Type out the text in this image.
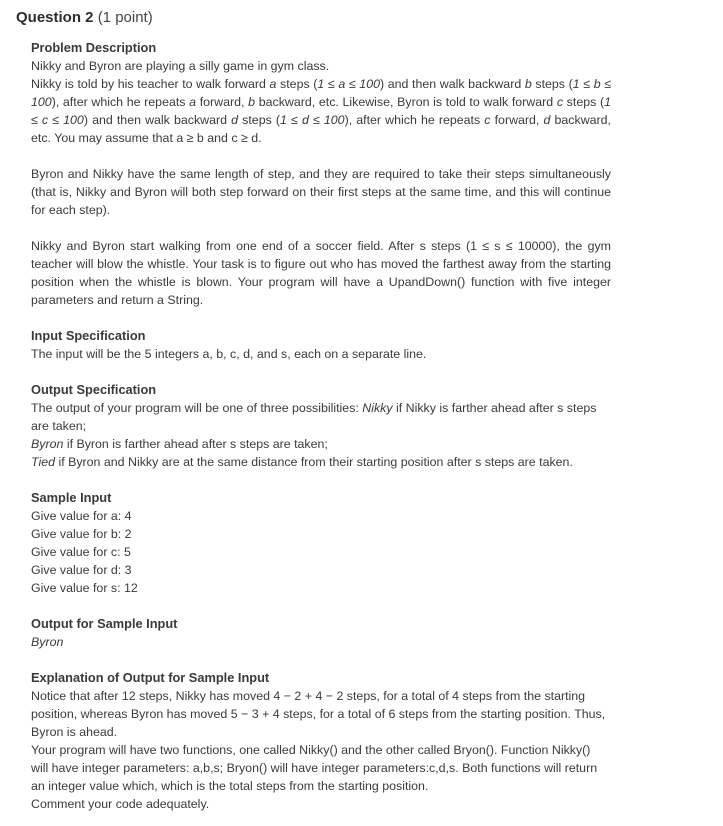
Question 2 (1 point)

Problem Description

Nikky and Byron are playing a silly game in gym class.

Nikky is told by his teacher to walk forward a steps (1 ≤ a ≤ 100) and then walk backward b steps (1 ≤ b ≤ 100), after which he repeats a forward, b backward, etc. Likewise, Byron is told to walk forward c steps (1 ≤ c ≤ 100) and then walk backward d steps (1 ≤ d ≤ 100), after which he repeats c forward, d backward, etc. You may assume that a ≥ b and c ≥ d.

Byron and Nikky have the same length of step, and they are required to take their steps simultaneously (that is, Nikky and Byron will both step forward on their first steps at the same time, and this will continue for each step).

Nikky and Byron start walking from one end of a soccer field. After s steps (1 ≤ s ≤ 10000), the gym teacher will blow the whistle. Your task is to figure out who has moved the farthest away from the starting position when the whistle is blown. Your program will have a UpandDown() function with five integer parameters and return a String.

Input Specification

The input will be the 5 integers a, b, c, d, and s, each on a separate line.

Output Specification

The output of your program will be one of three possibilities: Nikky if Nikky is farther ahead after s steps are taken;

Byron if Byron is farther ahead after s steps are taken;

Tied if Byron and Nikky are at the same distance from their starting position after s steps are taken.

Sample Input

Give value for a: 4

Give value for b: 2

Give value for c: 5

Give value for d: 3

Give value for s: 12

Output for Sample Input

Byron

Explanation of Output for Sample Input

Notice that after 12 steps, Nikky has moved 4 − 2 + 4 − 2 steps, for a total of 4 steps from the starting position, whereas Byron has moved 5 − 3 + 4 steps, for a total of 6 steps from the starting position. Thus, Byron is ahead.

Your program will have two functions, one called Nikky() and the other called Bryon(). Function Nikky() will have integer parameters: a,b,s; Bryon() will have integer parameters:c,d,s. Both functions will return an integer value which, which is the total steps from the starting position.

Comment your code adequately.
